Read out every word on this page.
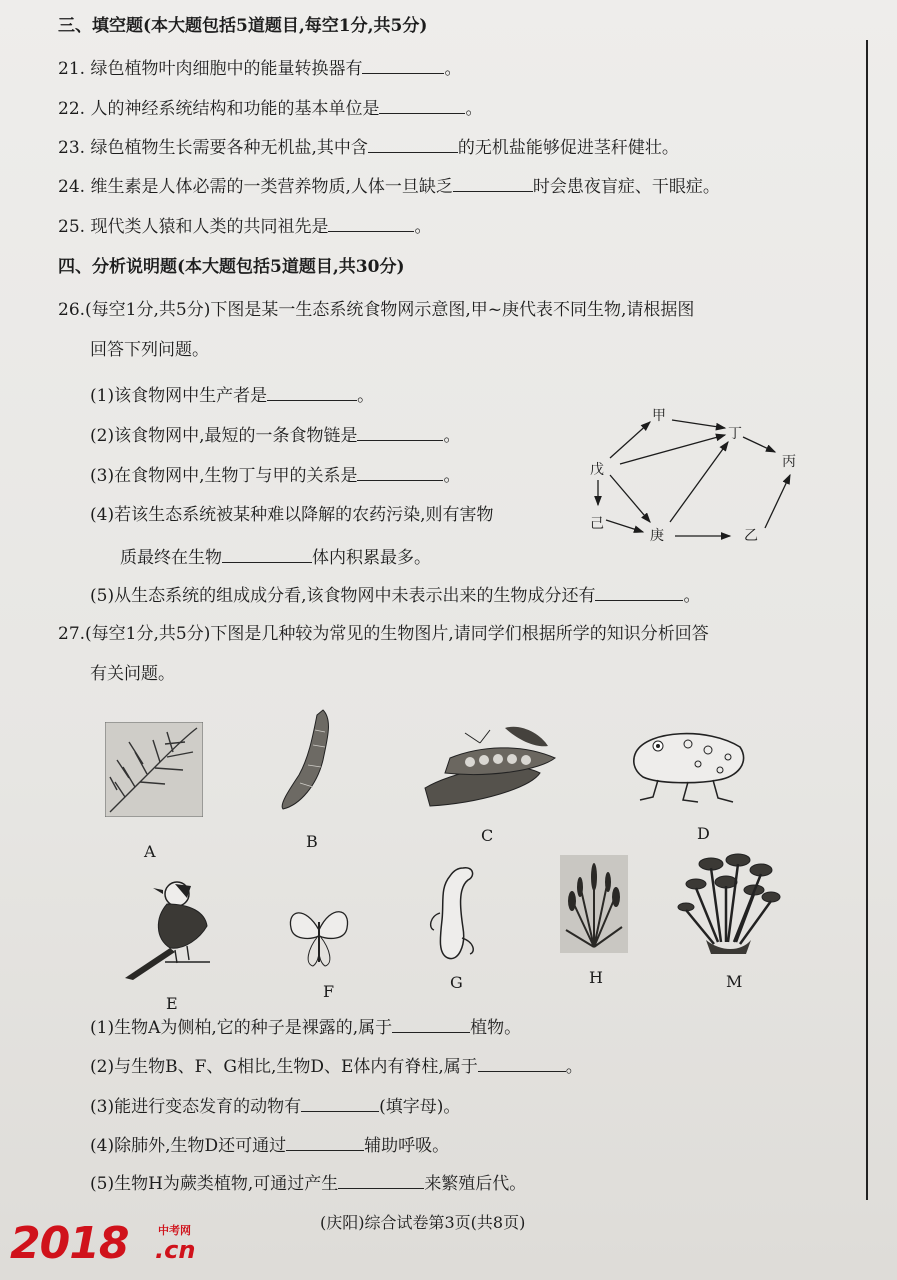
三、填空题(本大题包括5道题目,每空1分,共5分)
21. 绿色植物叶肉细胞中的能量转换器有	。
22. 人的神经系统结构和功能的基本单位是	。
23. 绿色植物生长需要各种无机盐,其中含	的无机盐能够促进茎秆健壮。
24. 维生素是人体必需的一类营养物质,人体一旦缺乏	时会患夜盲症、干眼症。
25. 现代类人猿和人类的共同祖先是	。
四、分析说明题(本大题包括5道题目,共30分)
26.(每空1分,共5分)下图是某一生态系统食物网示意图,甲~庚代表不同生物,请根据图
回答下列问题。
(1)该食物网中生产者是	。
(2)该食物网中,最短的一条食物链是	。
(3)在食物网中,生物丁与甲的关系是	。
(4)若该生态系统被某种难以降解的农药污染,则有害物
质最终在生物	体内积累最多。
(5)从生态系统的组成成分看,该食物网中未表示出来的生物成分还有	。
甲
丁
丙
戊
己
庚	乙
27.(每空1分,共5分)下图是几种较为常见的生物图片,请同学们根据所学的知识分析回答
有关问题。
A
B	C	D
E
F	G	H	M
(1)生物A为侧柏,它的种子是裸露的,属于	植物。
(2)与生物B、F、G相比,生物D、E体内有脊柱,属于	。
(3)能进行变态发育的动物有	(填字母)。
(4)除肺外,生物D还可通过	辅助呼吸。
(5)生物H为蕨类植物,可通过产生	来繁殖后代。
(庆阳)综合试卷第3页(共8页)
2018	中考网
.cn
